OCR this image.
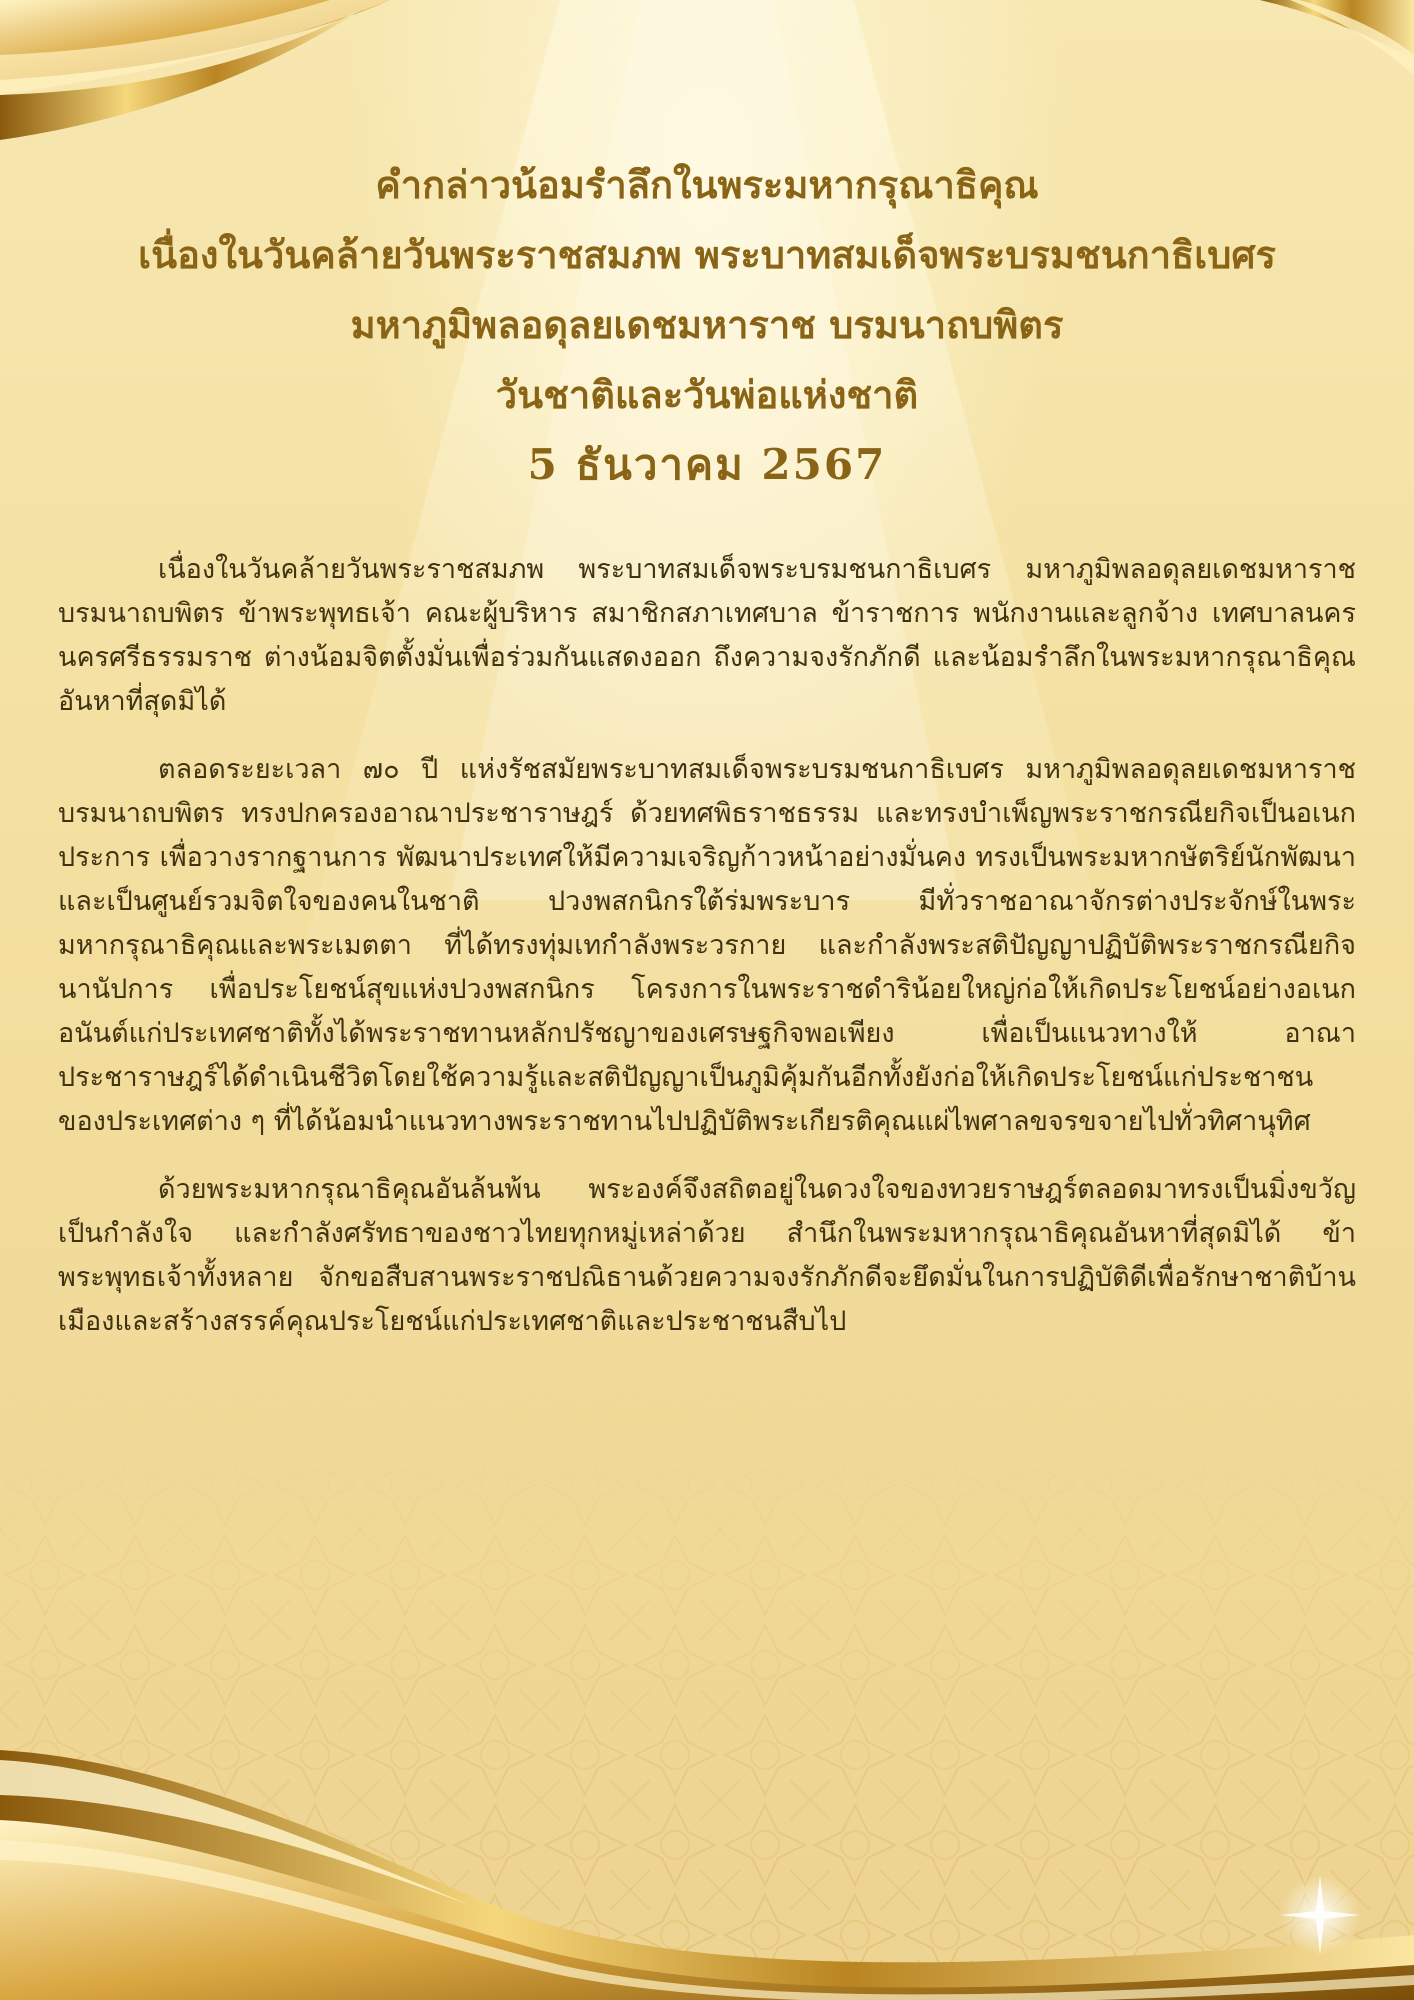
คำกล่าวน้อมรำลึกในพระมหากรุณาธิคุณ
เนื่องในวันคล้ายวันพระราชสมภพ พระบาทสมเด็จพระบรมชนกาธิเบศร
มหาภูมิพลอดุลยเดชมหาราช บรมนาถบพิตร
วันชาติและวันพ่อแห่งชาติ
5 ธันวาคม 2567

เนื่องในวันคล้ายวันพระราชสมภพ พระบาทสมเด็จพระบรมชนกาธิเบศร มหาภูมิพลอดุลยเดชมหาราช บรมนาถบพิตร ข้าพระพุทธเจ้า คณะผู้บริหาร สมาชิกสภาเทศบาล ข้าราชการ พนักงานและลูกจ้าง เทศบาลนครนครศรีธรรมราช ต่างน้อมจิตตั้งมั่นเพื่อร่วมกันแสดงออก ถึงความจงรักภักดี และน้อมรำลึกในพระมหากรุณาธิคุณ อันหาที่สุดมิได้

ตลอดระยะเวลา ๗๐ ปี แห่งรัชสมัยพระบาทสมเด็จพระบรมชนกาธิเบศร มหาภูมิพลอดุลยเดชมหาราช บรมนาถบพิตร ทรงปกครองอาณาประชาราษฎร์ ด้วยทศพิธราชธรรม และทรงบำเพ็ญพระราชกรณียกิจเป็นอเนกประการ เพื่อวางรากฐานการ พัฒนาประเทศให้มีความเจริญก้าวหน้าอย่างมั่นคง ทรงเป็นพระมหากษัตริย์นักพัฒนา และเป็นศูนย์รวมจิตใจของคนในชาติ ปวงพสกนิกรใต้ร่มพระบาร มีทั่วราชอาณาจักรต่างประจักษ์ในพระมหากรุณาธิคุณและพระเมตตา ที่ได้ทรงทุ่มเทกำลังพระวรกาย และกำลังพระสติปัญญาปฏิบัติพระราชกรณียกิจนานัปการ เพื่อประโยชน์สุขแห่งปวงพสกนิกร โครงการในพระราชดำริน้อยใหญ่ก่อให้เกิดประโยชน์อย่างอเนกอนันต์แก่ประเทศชาติทั้งได้พระราชทานหลักปรัชญาของเศรษฐกิจพอเพียง เพื่อเป็นแนวทางให้ อาณาประชาราษฎร์ได้ดำเนินชีวิตโดยใช้ความรู้และสติปัญญาเป็นภูมิคุ้มกันอีกทั้งยังก่อให้เกิดประโยชน์แก่ประชาชนของประเทศต่าง ๆ ที่ได้น้อมนำแนวทางพระราชทานไปปฏิบัติพระเกียรติคุณแผ่ไพศาลขจรขจายไปทั่วทิศานุทิศ

ด้วยพระมหากรุณาธิคุณอันล้นพ้น พระองค์จึงสถิตอยู่ในดวงใจของทวยราษฎร์ตลอดมาทรงเป็นมิ่งขวัญ เป็นกำลังใจ และกำลังศรัทธาของชาวไทยทุกหมู่เหล่าด้วย สำนึกในพระมหากรุณาธิคุณอันหาที่สุดมิได้ ข้าพระพุทธเจ้าทั้งหลาย จักขอสืบสานพระราชปณิธานด้วยความจงรักภักดีจะยึดมั่นในการปฏิบัติดีเพื่อรักษาชาติบ้านเมืองและสร้างสรรค์คุณประโยชน์แก่ประเทศชาติและประชาชนสืบไป
